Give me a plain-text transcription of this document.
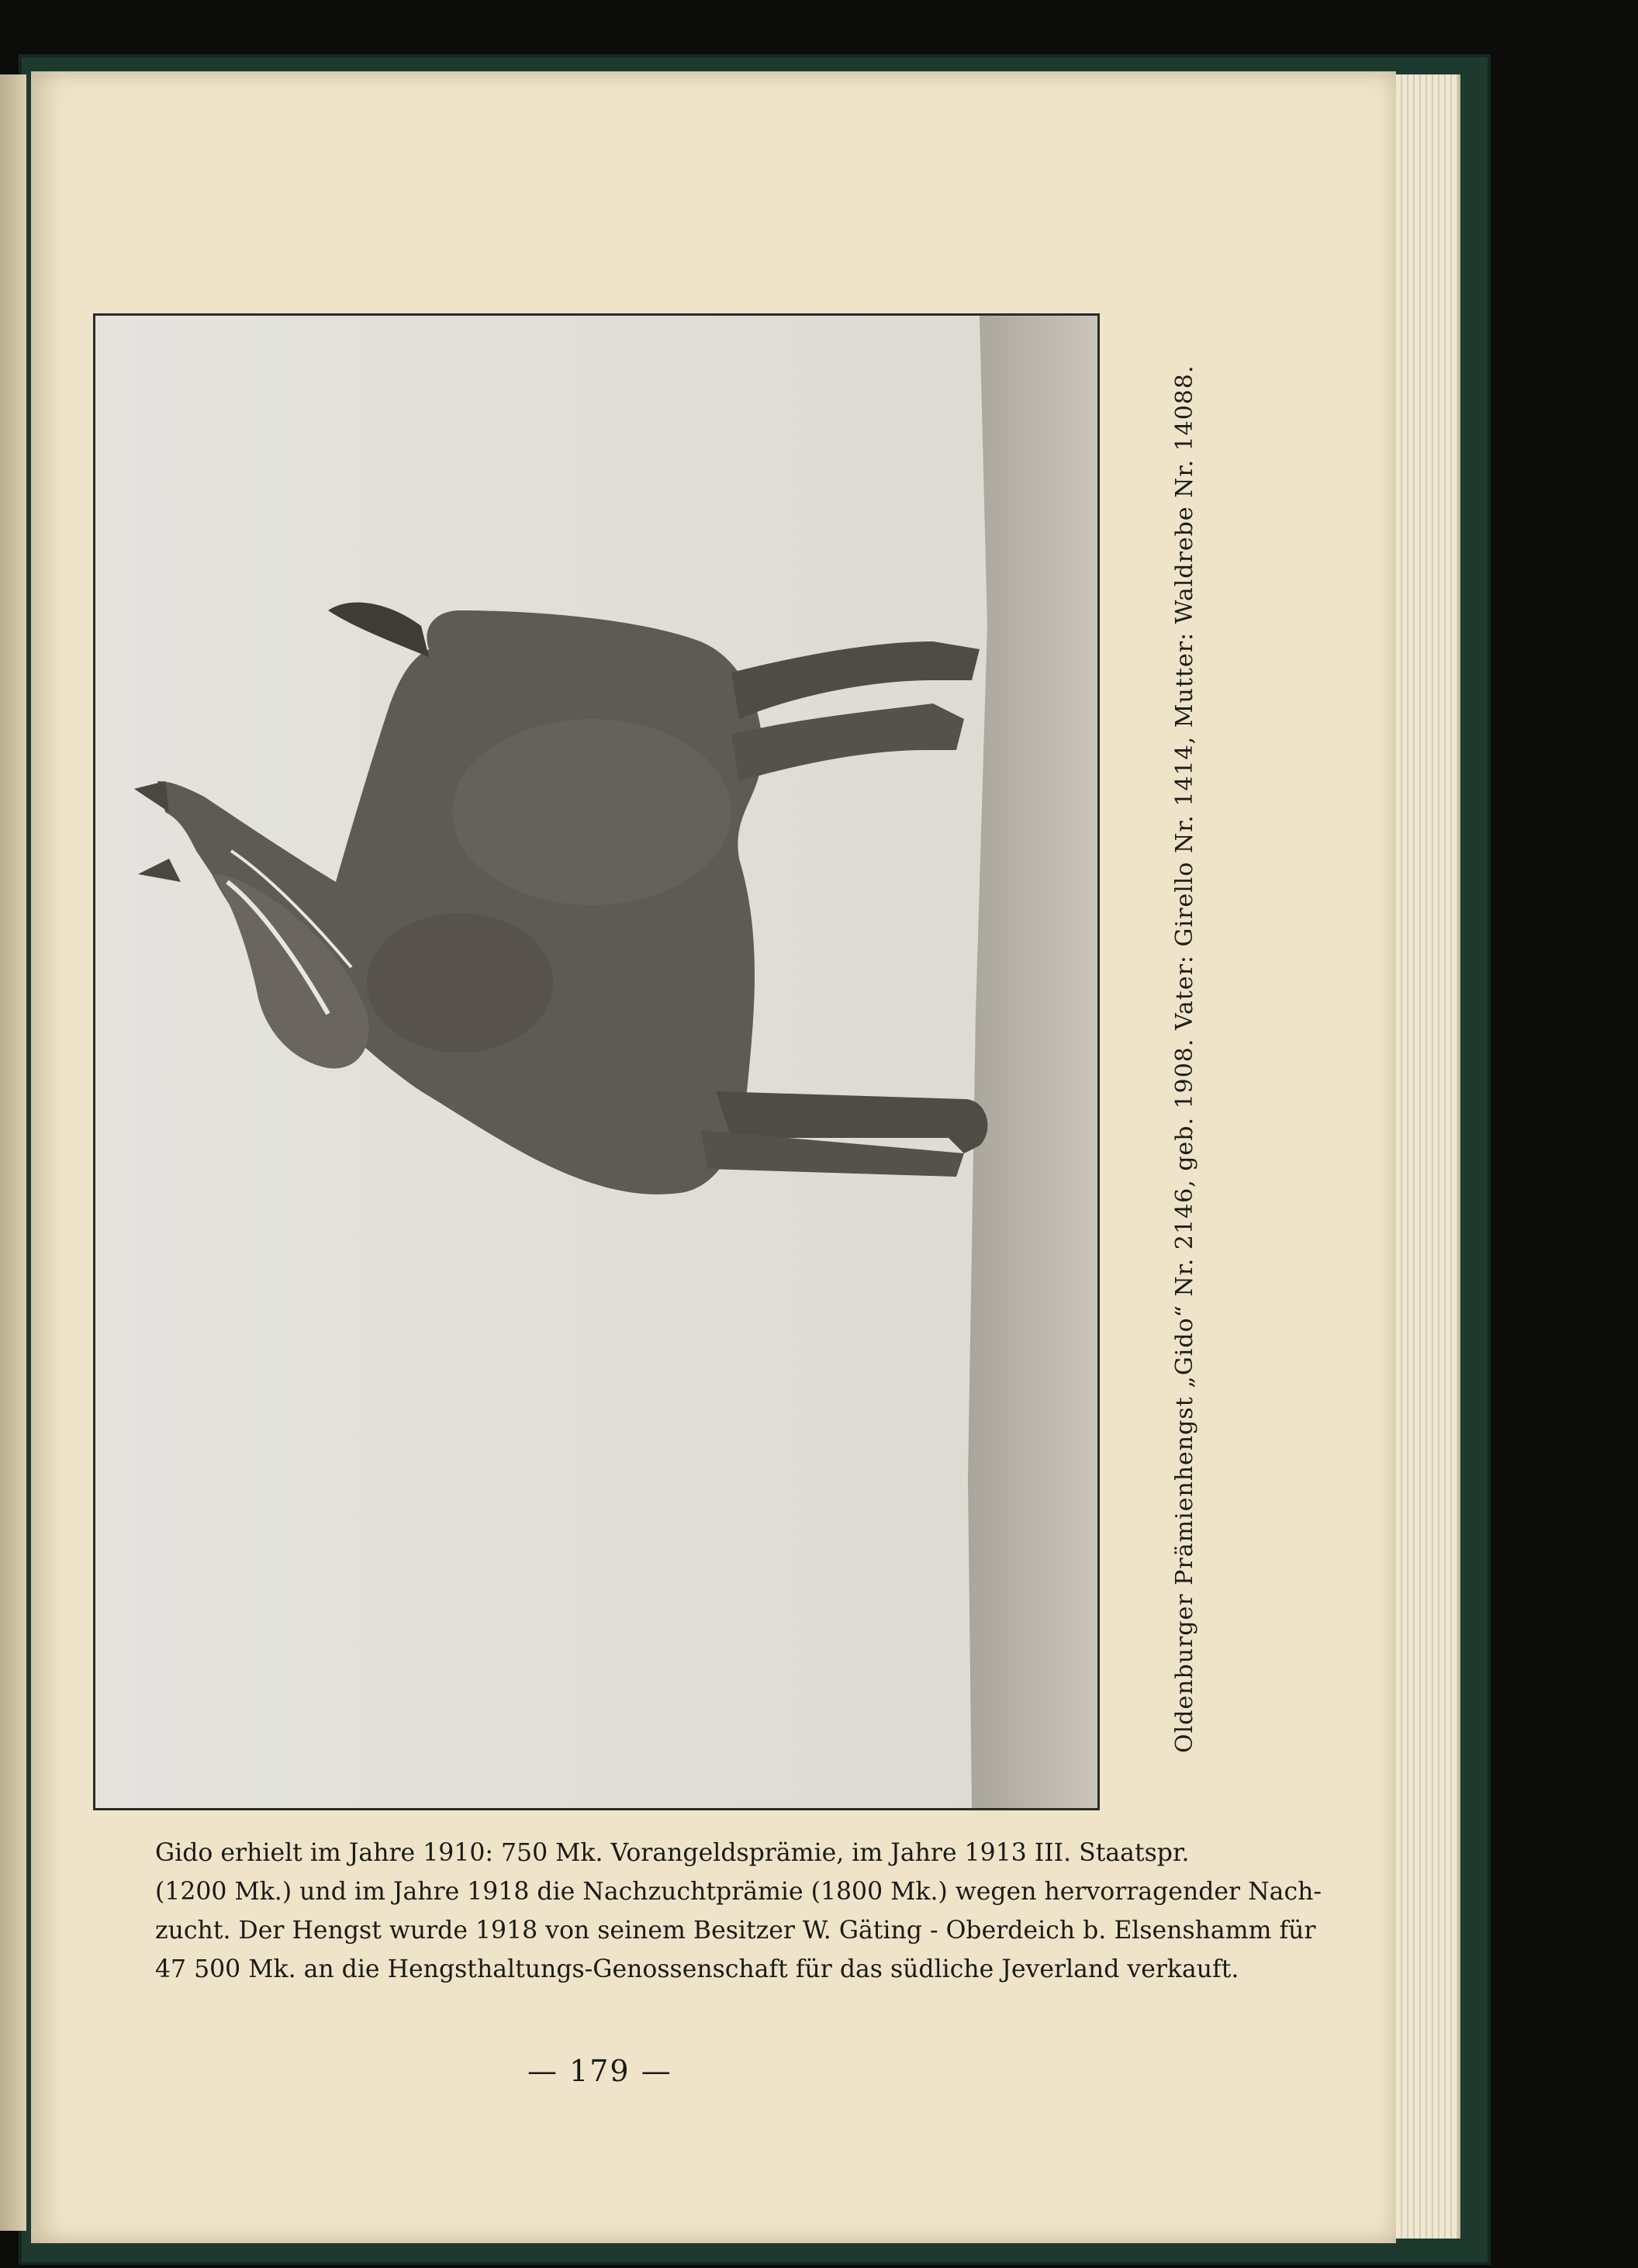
Oldenburger Prämienhengst „Gido“ Nr. 2146, geb. 1908. Vater: Girello Nr. 1414, Mutter: Waldrebe Nr. 14088.
Gido erhielt im Jahre 1910: 750 Mk. Vorangeldsprämie, im Jahre 1913 III. Staatspr.
(1200 Mk.) und im Jahre 1918 die Nachzuchtprämie (1800 Mk.) wegen hervorragender Nach-
zucht. Der Hengst wurde 1918 von seinem Besitzer W. Gäting - Oberdeich b. Elsenshamm für
47 500 Mk. an die Hengsthaltungs-Genossenschaft für das südliche Jeverland verkauft.
— 179 —
